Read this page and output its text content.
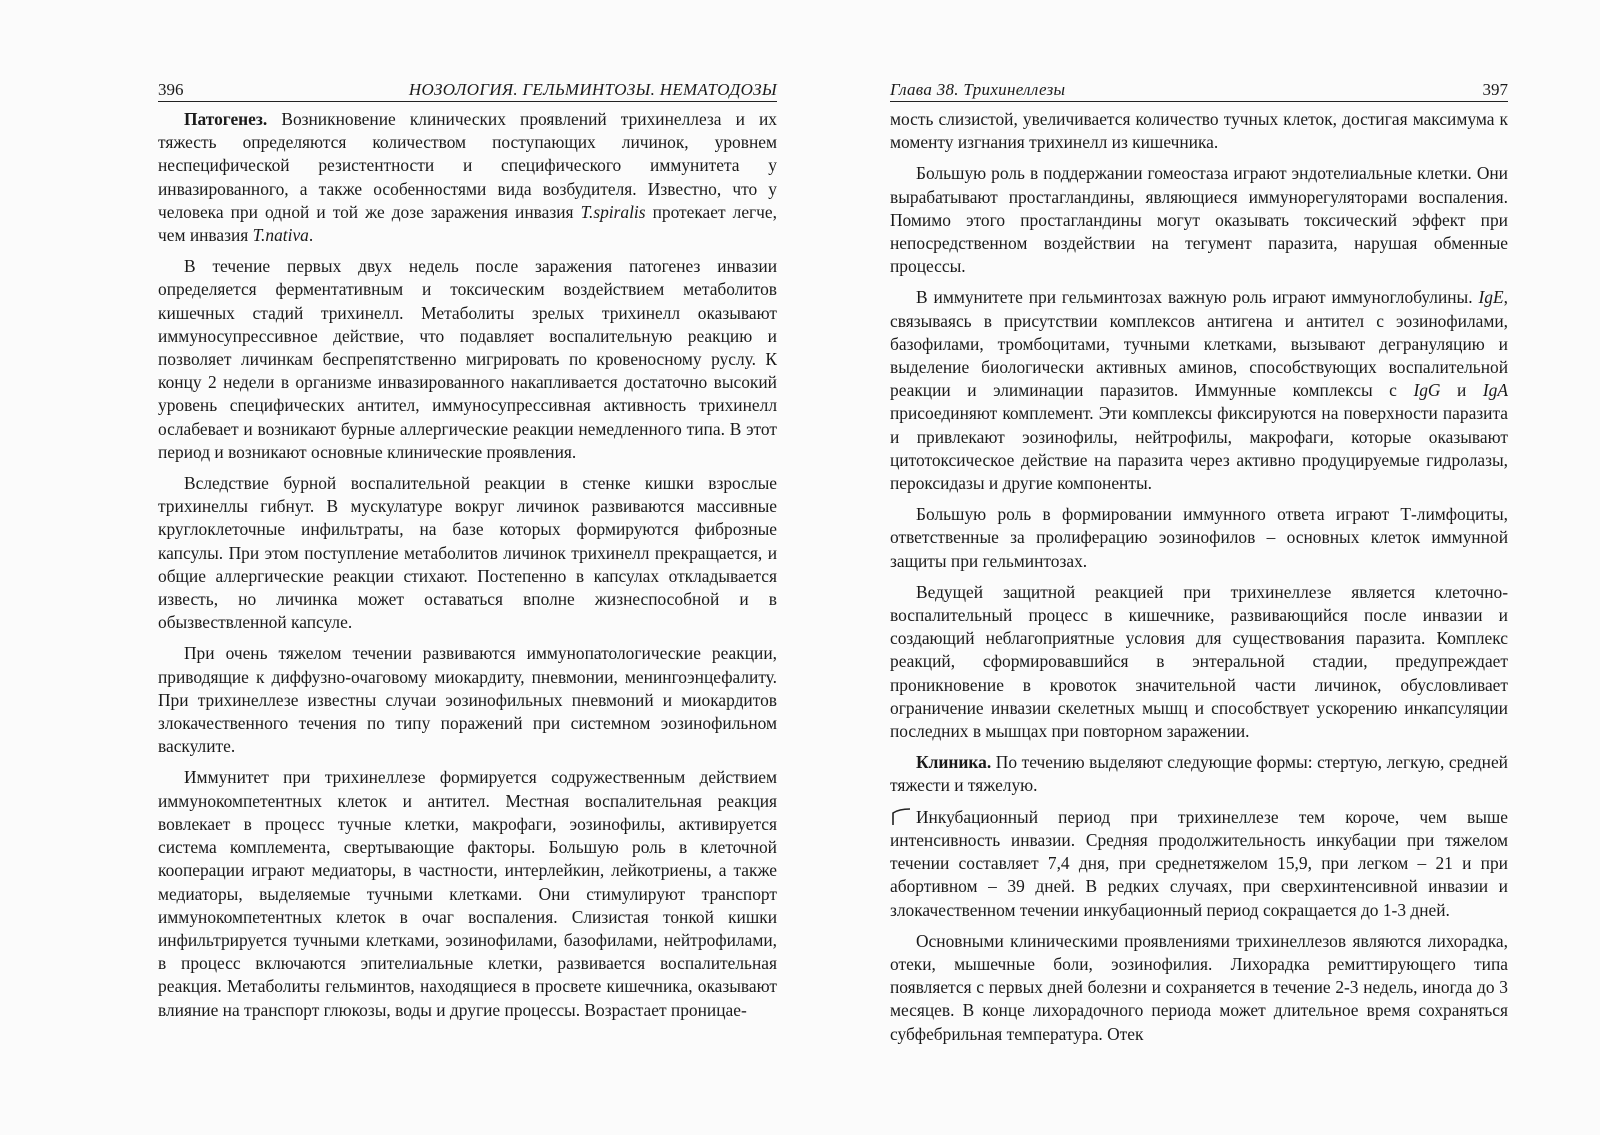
396	НОЗОЛОГИЯ. ГЕЛЬМИНТОЗЫ. НЕМАТОДОЗЫ

Патогенез. Возникновение клинических проявлений трихинеллеза и их тяжесть определяются количеством поступающих личинок, уровнем неспецифической резистентности и специфического иммунитета у инвазированного, а также особенностями вида возбудителя. Известно, что у человека при одной и той же дозе заражения инвазия T.spiralis протекает легче, чем инвазия T.nativa.

В течение первых двух недель после заражения патогенез инвазии определяется ферментативным и токсическим воздействием метаболитов кишечных стадий трихинелл. Метаболиты зрелых трихинелл оказывают иммуносупрессивное действие, что подавляет воспалительную реакцию и позволяет личинкам беспрепятственно мигрировать по кровеносному руслу. К концу 2 недели в организме инвазированного накапливается достаточно высокий уровень специфических антител, иммуносупрессивная активность трихинелл ослабевает и возникают бурные аллергические реакции немедленного типа. В этот период и возникают основные клинические проявления.

Вследствие бурной воспалительной реакции в стенке кишки взрослые трихинеллы гибнут. В мускулатуре вокруг личинок развиваются массивные круглоклеточные инфильтраты, на базе которых формируются фиброзные капсулы. При этом поступление метаболитов личинок трихинелл прекращается, и общие аллергические реакции стихают. Постепенно в капсулах откладывается известь, но личинка может оставаться вполне жизнеспособной и в обызвествленной капсуле.

При очень тяжелом течении развиваются иммунопатологические реакции, приводящие к диффузно-очаговому миокардиту, пневмонии, менингоэнцефалиту. При трихинеллезе известны случаи эозинофильных пневмоний и миокардитов злокачественного течения по типу поражений при системном эозинофильном васкулите.

Иммунитет при трихинеллезе формируется содружественным действием иммунокомпетентных клеток и антител. Местная воспалительная реакция вовлекает в процесс тучные клетки, макрофаги, эозинофилы, активируется система комплемента, свертывающие факторы. Большую роль в клеточной кооперации играют медиаторы, в частности, интерлейкин, лейкотриены, а также медиаторы, выделяемые тучными клетками. Они стимулируют транспорт иммунокомпетентных клеток в очаг воспаления. Слизистая тонкой кишки инфильтрируется тучными клетками, эозинофилами, базофилами, нейтрофилами, в процесс включаются эпителиальные клетки, развивается воспалительная реакция. Метаболиты гельминтов, находящиеся в просвете кишечника, оказывают влияние на транспорт глюкозы, воды и другие процессы. Возрастает проницае-

Глава 38. Трихинеллезы	397

мость слизистой, увеличивается количество тучных клеток, достигая максимума к моменту изгнания трихинелл из кишечника.

Большую роль в поддержании гомеостаза играют эндотелиальные клетки. Они вырабатывают простагландины, являющиеся иммунорегуляторами воспаления. Помимо этого простагландины могут оказывать токсический эффект при непосредственном воздействии на тегумент паразита, нарушая обменные процессы.

В иммунитете при гельминтозах важную роль играют иммуноглобулины. IgE, связываясь в присутствии комплексов антигена и антител с эозинофилами, базофилами, тромбоцитами, тучными клетками, вызывают дегрануляцию и выделение биологически активных аминов, способствующих воспалительной реакции и элиминации паразитов. Иммунные комплексы с IgG и IgA присоединяют комплемент. Эти комплексы фиксируются на поверхности паразита и привлекают эозинофилы, нейтрофилы, макрофаги, которые оказывают цитотоксическое действие на паразита через активно продуцируемые гидролазы, пероксидазы и другие компоненты.

Большую роль в формировании иммунного ответа играют Т-лимфоциты, ответственные за пролиферацию эозинофилов – основных клеток иммунной защиты при гельминтозах.

Ведущей защитной реакцией при трихинеллезе является клеточно-воспалительный процесс в кишечнике, развивающийся после инвазии и создающий неблагоприятные условия для существования паразита. Комплекс реакций, сформировавшийся в энтеральной стадии, предупреждает проникновение в кровоток значительной части личинок, обусловливает ограничение инвазии скелетных мышц и способствует ускорению инкапсуляции последних в мышцах при повторном заражении.

Клиника. По течению выделяют следующие формы: стертую, легкую, средней тяжести и тяжелую.

Инкубационный период при трихинеллезе тем короче, чем выше интенсивность инвазии. Средняя продолжительность инкубации при тяжелом течении составляет 7,4 дня, при среднетяжелом 15,9, при легком – 21 и при абортивном – 39 дней. В редких случаях, при сверхинтенсивной инвазии и злокачественном течении инкубационный период сокращается до 1-3 дней.

Основными клиническими проявлениями трихинеллезов являются лихорадка, отеки, мышечные боли, эозинофилия. Лихорадка ремиттирующего типа появляется с первых дней болезни и сохраняется в течение 2-3 недель, иногда до 3 месяцев. В конце лихорадочного периода может длительное время сохраняться субфебрильная температура. Отек
